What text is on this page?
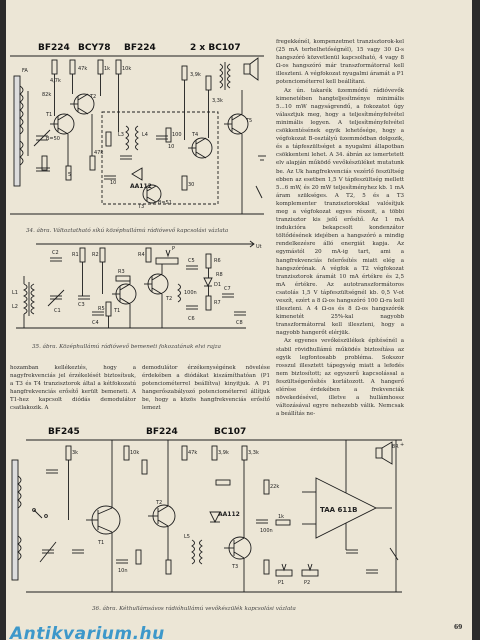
BF224 BCY78 BF224	2 x BC107
FA
T1
T2
T3
T4
T5
AA112
82k
4,7k
47k	1k 10k
47k
3,9k
3,3k
100
30
10
L3	L4
B=50
B=51
5
10
34. ábra. Változtatható síkú középhullámú rádióvevő kapcsolási vázlata
L1
L2
C1
C2
C3
C4
C5
C6
C7
C8
R1	R2
R3
R4
R5
R6
R7
R8
P
T1
T2
D1
100n
Ut
35. ábra. Középhullámú rádióvevő bemeneti fokozatának elvi rajza

hozamban kellékeztés, hogy a nagyfrekvenciás jel érzékelését biztosítsuk, a T3 és T4 tranzisztorok által a kétfokozatú hangfrekvenciás erősítő került bemeneti. A T1-hez kapcsolt diódás demodulátor csatlakozik. A

demodulátor érzékenységének növelése érdekében a diódákat kiszámíthatóan (P1 potenciométerrel beállítva) kinyitjuk. A P1 hangerőszabályozó potenciométerrel állítjuk be, hogy a közös hangfrekvenciás erősítő lemezt

fregekkénél, kompenzetmet tranzisztorok-kel (25 mA terhelhetőségnél), 15 vagy 30 Ω-s hangszóró közvetlenül kapcsolható, 4 vagy 8 Ω-os hangszóró már transzformátorral kell illeszteni. A végfokozat nyugalmi áramát a P1 potenciométerrel kell beállítani.

Az ún. takarék üzemmódú rádióvevők kimenetében hangteljesítménye minimális 5...10 mW nagyságrendű, a fokozatot úgy választjuk meg, hogy a teljesítményfelvétel minimális legyen. A teljesítményfelvétel csökkentésének egyik lehetősége, hogy a végfokozat B-osztályú üzemmódban dolgozik, és a tápfeszültséget a nyugalmi állapotban csökkenteni lehet. A 34. ábrán az ismertetett elv alapján működő vevőkészüléket mutatunk be. Az Uk hangfrekvenciás vezérlő feszültség ebben az esetben 1,5 V tápfeszültség mellett 5...6 mW, és 20 mW teljesítményhez kb. 1 mA áram szükséges. A T2, 5 és a T3 komplementer tranzisztorokkal valósítjuk meg a végfokozat egyes részeit, a többi tranzisztor kis jelű erősítő. Az 1 mA indukcióra bekapcsolt kondenzátor töltődésének idejében a hangszóró a mindig rendelkezésre álló energiát kapja. Az egymástól 20 mA-ig tart, ami a hangfrekvenciás felerősítés miatt elég a hangszórónak. A végfok a T2 végfokozat tranzisztorok áramát 10 mA értékre és 2,5 mA értékre. Az autotranszformátoros csatolás 1,5 V tápfeszültségnél kb. 0,5 V-ot veszít, ezért a 8 Ω-os hangszóró 100 Ω-ra kell illeszteni. A 4 Ω-os és 8 Ω-os hangszórók kimenetét 25%-kal nagyobb transzformátorral kell illeszteni, hogy a nagyobb hangerőt elérjük.

Az egyenes vevőkészülékek építésénél a stabil rövidhullámú működés biztosítása az egyik legfontosabb probléma. Sokszor rosszul illesztett tápegység miatt a lefedés nem biztosított; az egyszerű kapcsolással a feszültségerősítés korlátozott. A hangerő elérése érdekében a frekvenciák növekedésével, illetve a hullámhossz változásával egyre nehezebb válik. Nemcsak a beállítás ne-

BF245	BF224	BC107
T1
T2
T3
L5
AA112
TAA 611B
3k	10k	47k	3,9k
10n
3,3k
22k
P1	P2
100n
1k
8R +
36. ábra. Kéthullámsávos rádióhullámú vevőkészülék kapcsolási vázlata
69
Antikvarium.hu
